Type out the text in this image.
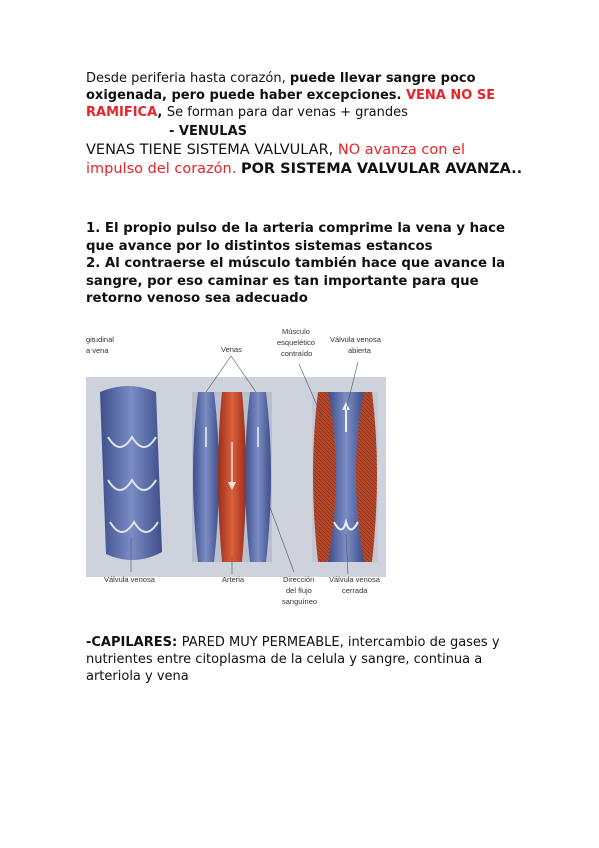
Desde periferia hasta corazón, puede llevar sangre poco oxigenada, pero puede haber excepciones. VENA NO SE RAMIFICA, Se forman para dar venas + grandes
- VENULAS
VENAS TIENE SISTEMA VALVULAR, NO avanza con el impulso del corazón. POR SISTEMA VALVULAR AVANZA..
1. El propio pulso de la arteria comprime la vena y hace que avance por lo distintos sistemas estancos
2. Al contraerse el músculo también hace que avance la sangre, por eso caminar es tan importante para que retorno venoso sea adecuado
gitudinal
a vena	Venas
Músculo
esquelético
contraído
Válvula venosa
abierta
Válvula venosa	Arteria	Dirección
del flujo
sanguíneo
Válvula venosa
cerrada
-CAPILARES: PARED MUY PERMEABLE, intercambio de gases y nutrientes entre citoplasma de la celula y sangre, continua a arteriola y vena
